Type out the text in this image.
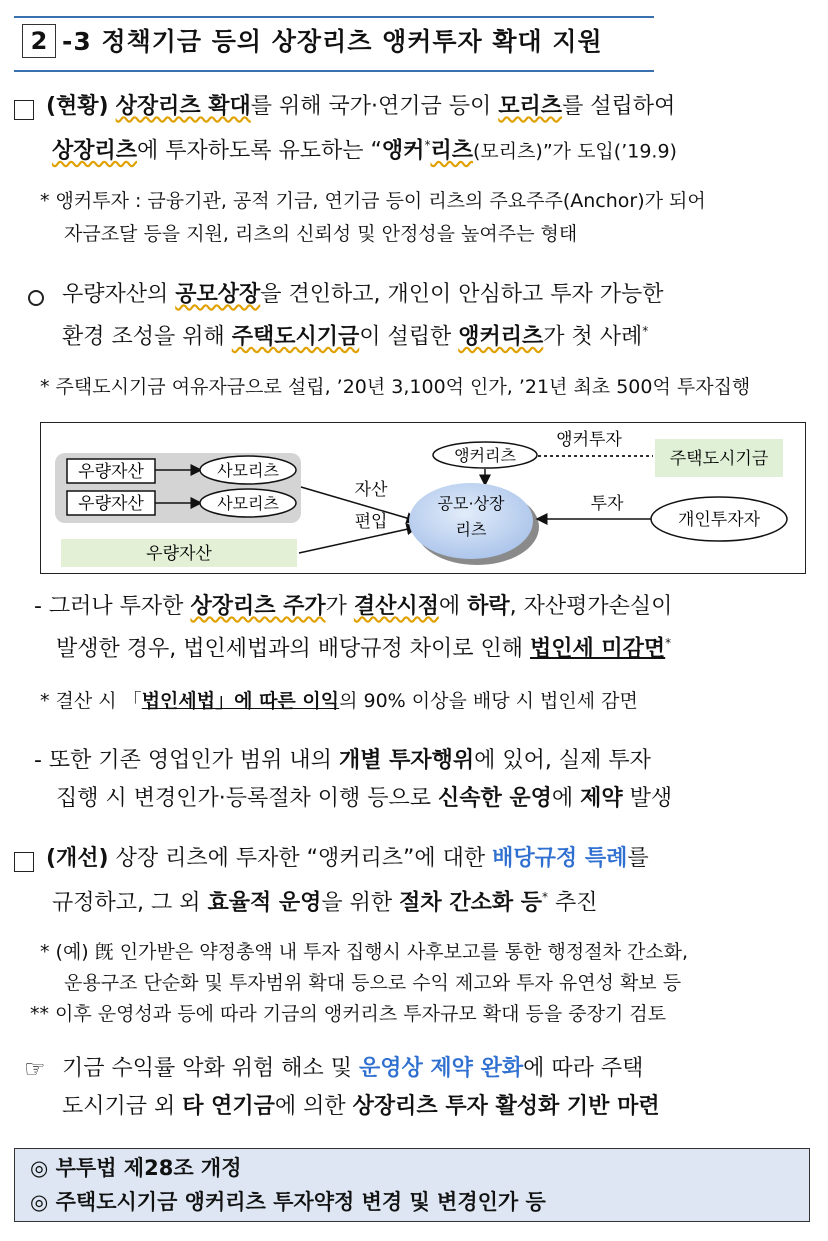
2 -3 정책기금 등의 상장리츠 앵커투자 확대 지원
(현황) 상장리츠 확대를 위해 국가·연기금 등이 모리츠를 설립하여
상장리츠에 투자하도록 유도하는 “앵커*리츠(모리츠)”가 도입(’19.9)
* 앵커투자 : 금융기관, 공적 기금, 연기금 등이 리츠의 주요주주(Anchor)가 되어
자금조달 등을 지원, 리츠의 신뢰성 및 안정성을 높여주는 형태
우량자산의 공모상장을 견인하고, 개인이 안심하고 투자 가능한
환경 조성을 위해 주택도시기금이 설립한 앵커리츠가 첫 사례*
* 주택도시기금 여유자금으로 설립, ’20년 3,100억 인가, ’21년 최초 500억 투자집행
우량자산
우량자산
사모리츠
사모리츠
우량자산
자산
편입
앵커리츠
앵커투자
주택도시기금
공모·상장
리츠
투자
개인투자자
- 그러나 투자한 상장리츠 주가가 결산시점에 하락, 자산평가손실이
발생한 경우, 법인세법과의 배당규정 차이로 인해 법인세 미감면*
* 결산 시 「법인세법」에 따른 이익의 90% 이상을 배당 시 법인세 감면
- 또한 기존 영업인가 범위 내의 개별 투자행위에 있어, 실제 투자
집행 시 변경인가·등록절차 이행 등으로 신속한 운영에 제약 발생
(개선) 상장 리츠에 투자한 “앵커리츠”에 대한 배당규정 특례를
규정하고, 그 외 효율적 운영을 위한 절차 간소화 등* 추진
* (예) 旣 인가받은 약정총액 내 투자 집행시 사후보고를 통한 행정절차 간소화,
운용구조 단순화 및 투자범위 확대 등으로 수익 제고와 투자 유연성 확보 등
** 이후 운영성과 등에 따라 기금의 앵커리츠 투자규모 확대 등을 중장기 검토
☞ 기금 수익률 악화 위험 해소 및 운영상 제약 완화에 따라 주택
도시기금 외 타 연기금에 의한 상장리츠 투자 활성화 기반 마련
◎ 부투법 제28조 개정
◎ 주택도시기금 앵커리츠 투자약정 변경 및 변경인가 등
